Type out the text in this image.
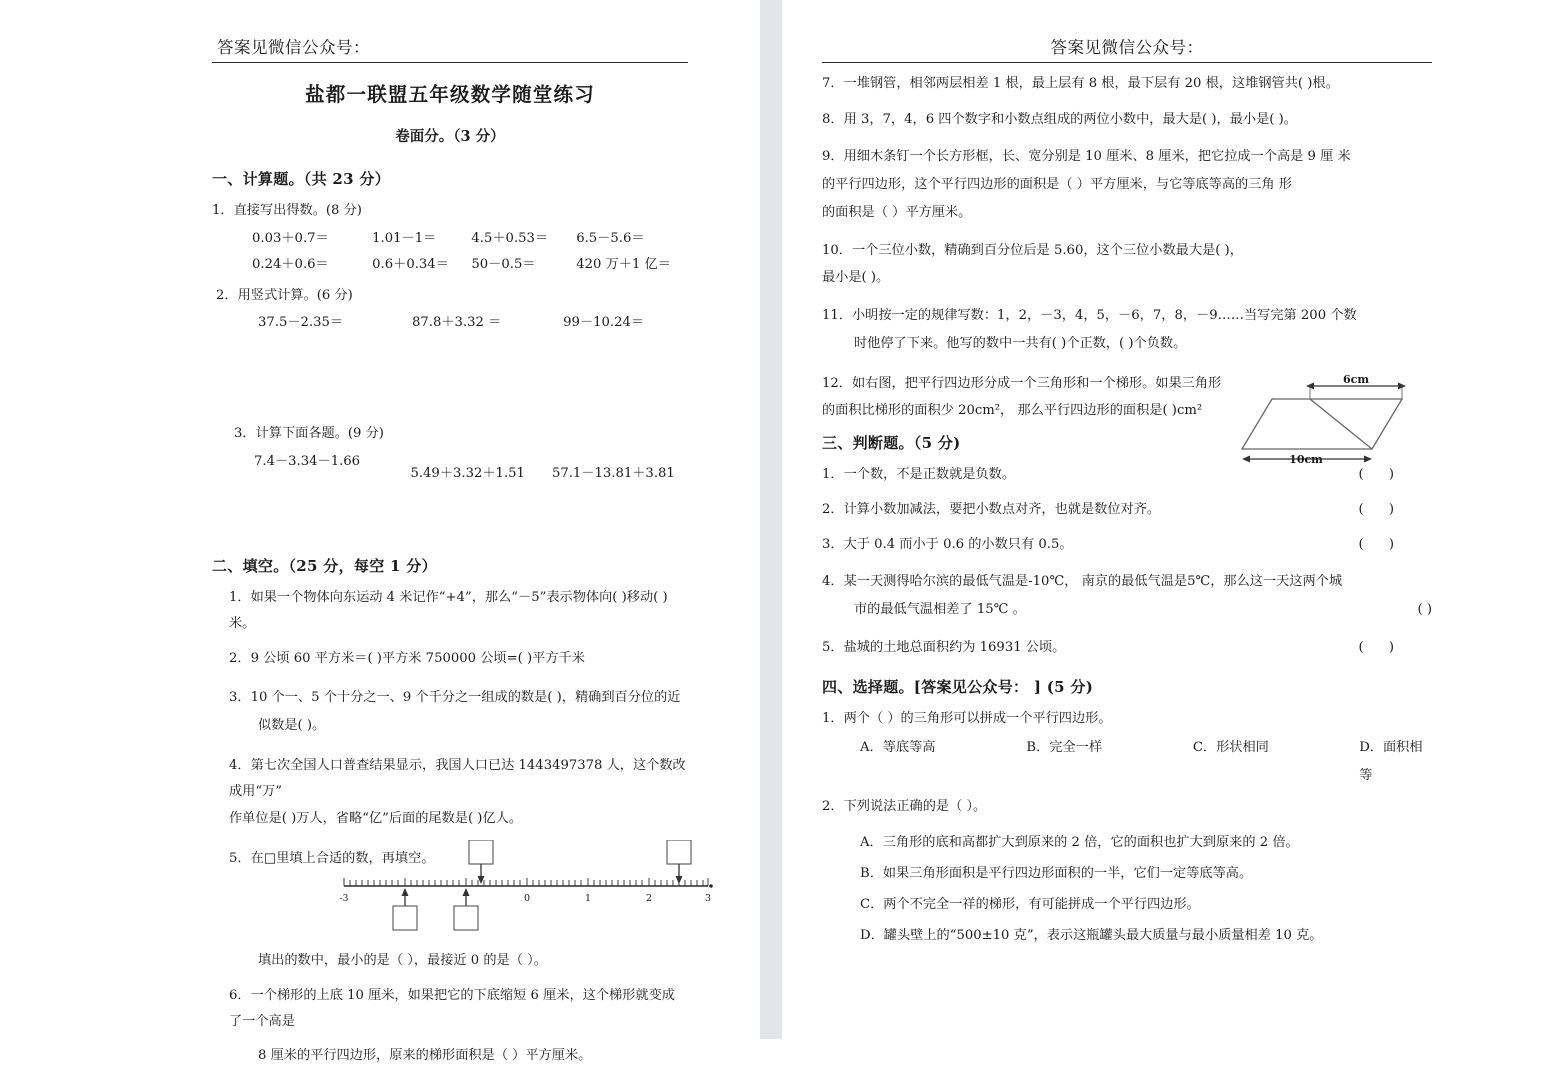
答案见微信公众号：
盐都一联盟五年级数学随堂练习
卷面分。（3 分）
一、计算题。（共 23 分）
1．直接写出得数。(8 分)
0.03＋0.7＝	1.01－1＝	4.5＋0.53＝	6.5－5.6＝
0.24＋0.6＝	0.6＋0.34＝	50－0.5＝	420 万＋1 亿＝
2．用竖式计算。(6 分)
37.5－2.35＝	87.8＋3.32 ＝	99－10.24＝
3．计算下面各题。(9 分)
7.4－3.34－1.66
5.49＋3.32＋1.51	57.1－13.81＋3.81
二、填空。（25 分，每空 1 分）
1．如果一个物体向东运动 4 米记作“+4”，那么“－5”表示物体向( )移动( )米。
2．9 公顷 60 平方米＝( )平方米 750000 公顷=( )平方千米
3．10 个一、5 个十分之一、9 个千分之一组成的数是( )，精确到百分位的近
似数是( )。
4．第七次全国人口普查结果显示，我国人口已达 1443497378 人，这个数改成用“万”
作单位是( )万人，省略“亿”后面的尾数是( )亿人。
5．在□里填上合适的数，再填空。
-3	0	1	2	3
填出的数中，最小的是（ ），最接近 0 的是（ ）。
6．一个梯形的上底 10 厘米，如果把它的下底缩短 6 厘米，这个梯形就变成了一个高是
8 厘米的平行四边形，原来的梯形面积是（ ）平方厘米。
答案见微信公众号：
7．一堆钢管，相邻两层相差 1 根，最上层有 8 根，最下层有 20 根，这堆钢管共( )根。
8．用 3，7，4，6 四个数字和小数点组成的两位小数中，最大是( )，最小是( )。
9．用细木条钉一个长方形框，长、宽分别是 10 厘米、8 厘米，把它拉成一个高是 9 厘 米
的平行四边形，这个平行四边形的面积是（ ）平方厘米，与它等底等高的三角 形
的面积是（ ）平方厘米。
10．一个三位小数，精确到百分位后是 5.60，这个三位小数最大是( )，
最小是( )。
11．小明按一定的规律写数：1，2，－3，4，5，－6，7，8，－9……当写完第 200 个数
时他停了下来。他写的数中一共有( )个正数，( )个负数。
6cm
10cm
12．如右图，把平行四边形分成一个三角形和一个梯形。如果三角形
的面积比梯形的面积少 20cm²， 那么平行四边形的面积是( )cm²
三、判断题。（5 分)
1．一个数，不是正数就是负数。	(      )
2．计算小数加减法，要把小数点对齐，也就是数位对齐。	(      )
3．大于 0.4 而小于 0.6 的小数只有 0.5。	(      )
4．某一天测得哈尔滨的最低气温是-10℃， 南京的最低气温是5℃，那么这一天这两个城
市的最低气温相差了 15℃ 。	( )
5．盐城的土地总面积约为 16931 公顷。	(      )
四、选择题。[答案见公众号： ] (5 分)
1．两个（ ）的三角形可以拼成一个平行四边形。
A．等底等高	B．完全一样	C．形状相同	D．面积相等
2．下列说法正确的是（ ）。
A．三角形的底和高都扩大到原来的 2 倍，它的面积也扩大到原来的 2 倍。
B．如果三角形面积是平行四边形面积的一半，它们一定等底等高。
C．两个不完全一祥的梯形，有可能拼成一个平行四边形。
D．罐头壁上的“500±10 克”，表示这瓶罐头最大质量与最小质量相差 10 克。
